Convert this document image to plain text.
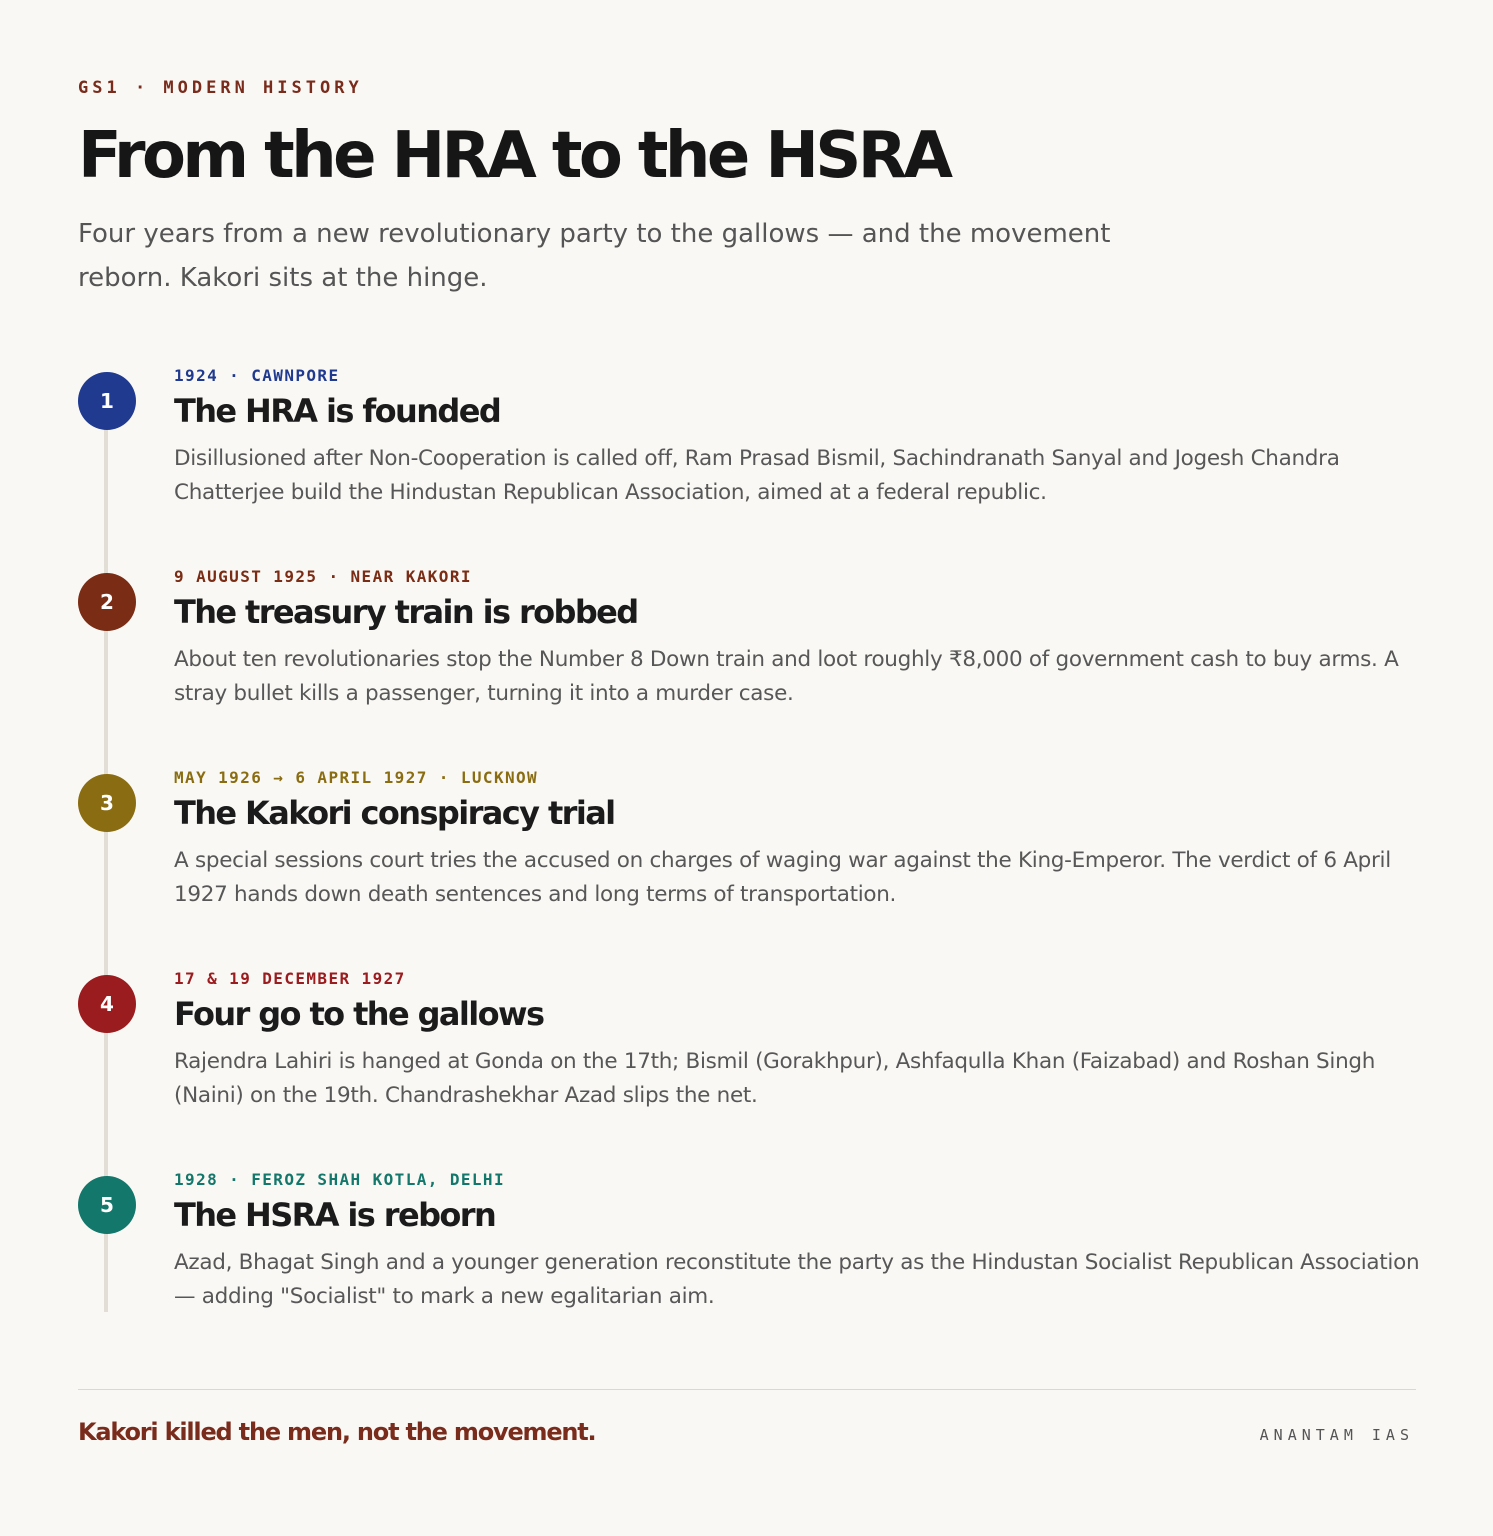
GS1 · MODERN HISTORY
From the HRA to the HSRA

Four years from a new revolutionary party to the gallows — and the movement reborn. Kakori sits at the hinge.

1
1924 · CAWNPORE
The HRA is founded

Disillusioned after Non-Cooperation is called off, Ram Prasad Bismil, Sachindranath Sanyal and Jogesh Chandra Chatterjee build the Hindustan Republican Association, aimed at a federal republic.

2
9 AUGUST 1925 · NEAR KAKORI
The treasury train is robbed

About ten revolutionaries stop the Number 8 Down train and loot roughly ₹8,000 of government cash to buy arms. A stray bullet kills a passenger, turning it into a murder case.

3
MAY 1926 → 6 APRIL 1927 · LUCKNOW
The Kakori conspiracy trial

A special sessions court tries the accused on charges of waging war against the King-Emperor. The verdict of 6 April 1927 hands down death sentences and long terms of transportation.

4
17 & 19 DECEMBER 1927
Four go to the gallows

Rajendra Lahiri is hanged at Gonda on the 17th; Bismil (Gorakhpur), Ashfaqulla Khan (Faizabad) and Roshan Singh (Naini) on the 19th. Chandrashekhar Azad slips the net.

5
1928 · FEROZ SHAH KOTLA, DELHI
The HSRA is reborn

Azad, Bhagat Singh and a younger generation reconstitute the party as the Hindustan Socialist Republican Association — adding "Socialist" to mark a new egalitarian aim.

Kakori killed the men, not the movement.	ANANTAM IAS
